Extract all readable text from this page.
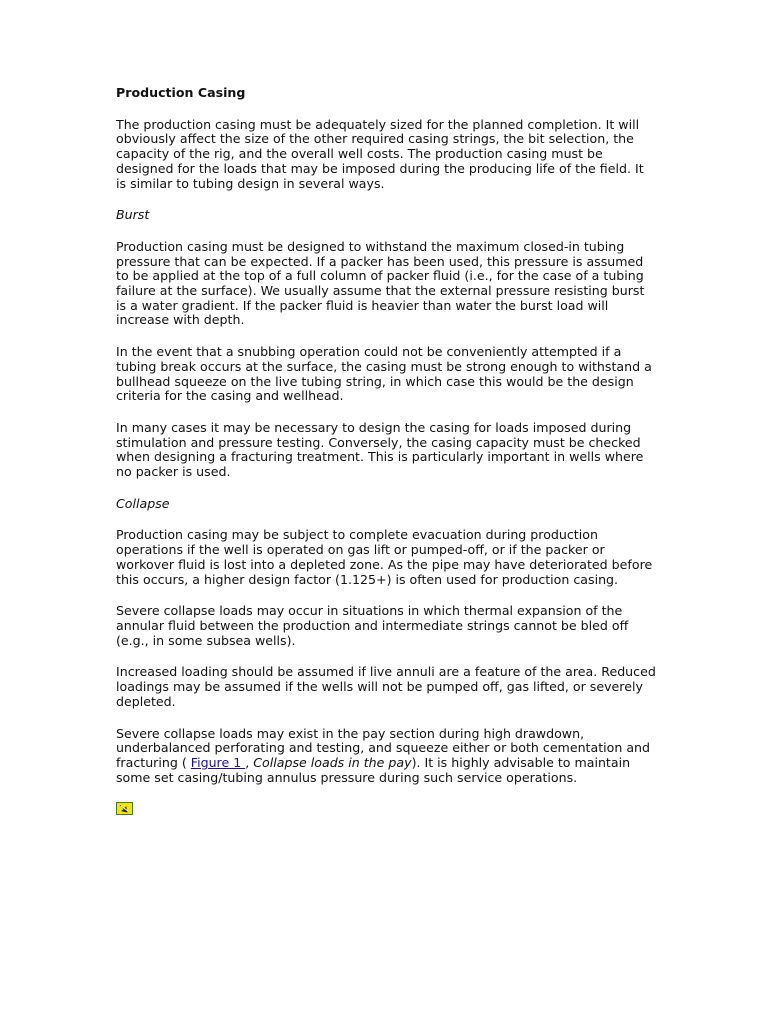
Production Casing

The production casing must be adequately sized for the planned completion. It will obviously affect the size of the other required casing strings, the bit selection, the capacity of the rig, and the overall well costs. The production casing must be designed for the loads that may be imposed during the producing life of the field. It is similar to tubing design in several ways.

Burst

Production casing must be designed to withstand the maximum closed-in tubing pressure that can be expected. If a packer has been used, this pressure is assumed to be applied at the top of a full column of packer fluid (i.e., for the case of a tubing failure at the surface). We usually assume that the external pressure resisting burst is a water gradient. If the packer fluid is heavier than water the burst load will increase with depth.

In the event that a snubbing operation could not be conveniently attempted if a tubing break occurs at the surface, the casing must be strong enough to withstand a bullhead squeeze on the live tubing string, in which case this would be the design criteria for the casing and wellhead.

In many cases it may be necessary to design the casing for loads imposed during stimulation and pressure testing. Conversely, the casing capacity must be checked when designing a fracturing treatment. This is particularly important in wells where no packer is used.

Collapse

Production casing may be subject to complete evacuation during production operations if the well is operated on gas lift or pumped-off, or if the packer or workover fluid is lost into a depleted zone. As the pipe may have deteriorated before this occurs, a higher design factor (1.125+) is often used for production casing.

Severe collapse loads may occur in situations in which thermal expansion of the annular fluid between the production and intermediate strings cannot be bled off (e.g., in some subsea wells).

Increased loading should be assumed if live annuli are a feature of the area. Reduced loadings may be assumed if the wells will not be pumped off, gas lifted, or severely depleted.

Severe collapse loads may exist in the pay section during high drawdown, underbalanced perforating and testing, and squeeze either or both cementation and fracturing ( Figure 1 , Collapse loads in the pay). It is highly advisable to maintain some set casing/tubing annulus pressure during such service operations.
